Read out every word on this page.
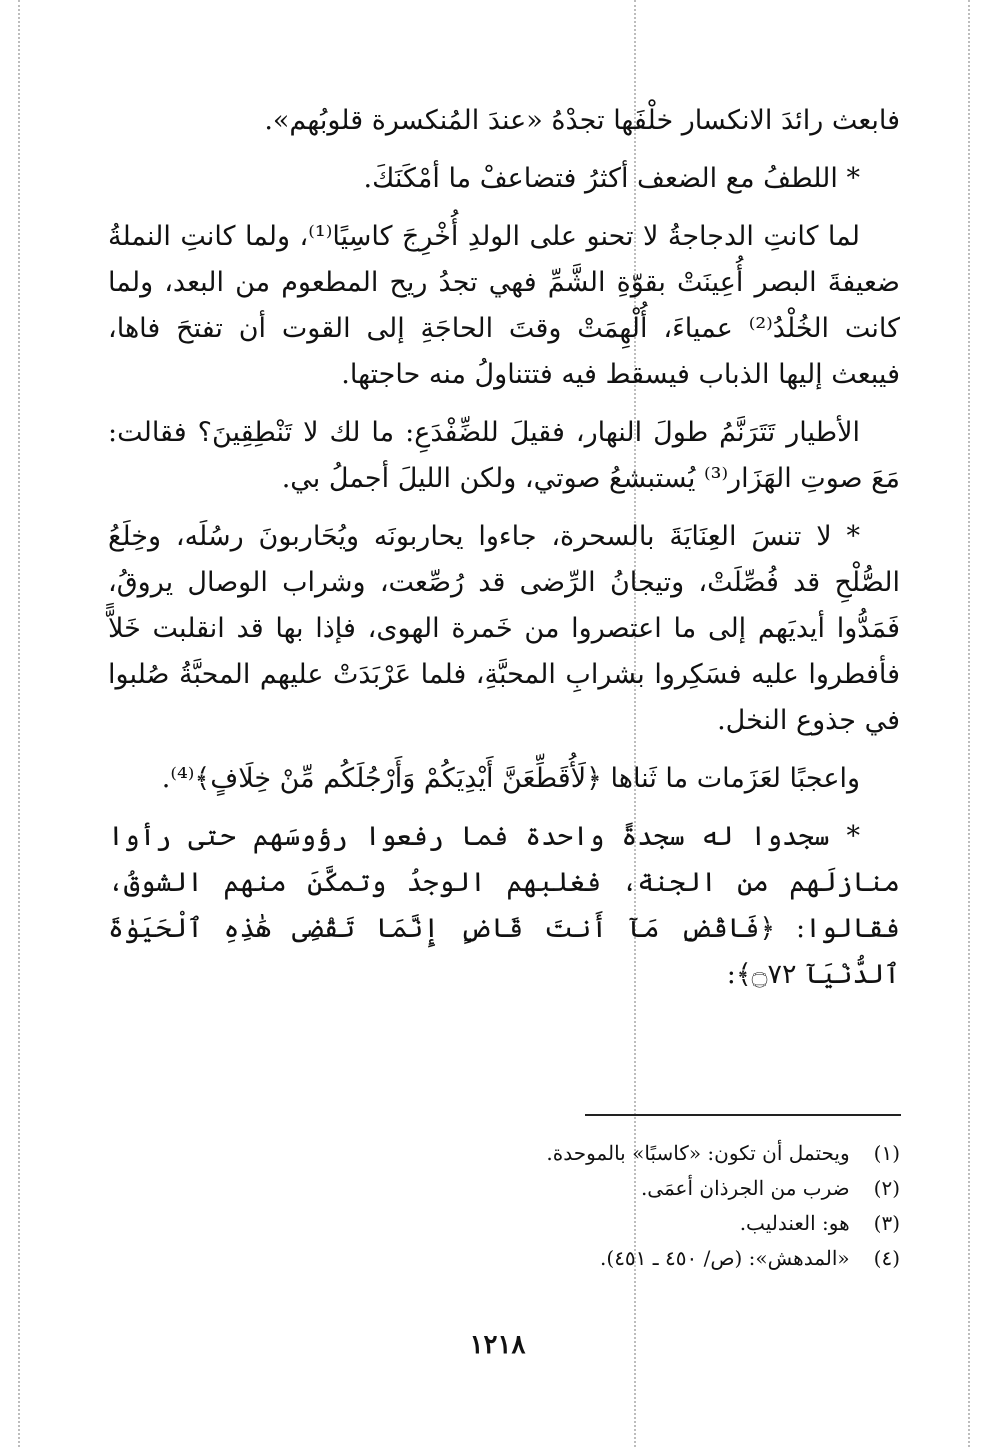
فابعث رائدَ الانكسار خلْفَها تجدْهُ «عندَ المُنكسرة قلوبُهم».

* اللطفُ مع الضعف أكثرُ فتضاعفْ ما أمْكَنَكَ.

لما كانتِ الدجاجةُ لا تحنو على الولدِ أُخْرِجَ كاسِيًا⁽¹⁾، ولما كانتِ النملةُ ضعيفةَ البصر أُعِينَتْ بقوّةِ الشَّمِّ فهي تجدُ ريح المطعوم من البعد، ولما كانت الخُلْدُ⁽²⁾ عمياءَ، أُلْهِمَتْ وقتَ الحاجَةِ إلى القوت أن تفتحَ فاها، فيبعث إليها الذباب فيسقط فيه فتتناولُ منه حاجتها.

الأطيار تَتَرَنَّمُ طولَ النهار، فقيلَ للضِّفْدَعِ: ما لك لا تَنْطِقِينَ؟ فقالت: مَعَ صوتِ الهَزَار⁽³⁾ يُستبشعُ صوتي، ولكن الليلَ أجملُ بي.

* لا تنسَ العِنَايَةَ بالسحرة، جاءوا يحاربونَه ويُحَاربونَ رسُلَه، وخِلَعُ الصُّلْحِ قد فُصِّلَتْ، وتيجانُ الرِّضى قد رُصِّعت، وشراب الوصال يروقُ، فَمَدُّوا أيديَهم إلى ما اعتصروا من خَمرة الهوى، فإذا بها قد انقلبت خَلاًّ فأفطروا عليه فسَكِروا بشرابِ المحبَّةِ، فلما عَرْبَدَتْ عليهم المحبَّةُ صُلبوا في جذوع النخل.

واعجبًا لعَزَمات ما ثَناها ﴿لَأُقَطِّعَنَّ أَيْدِيَكُمْ وَأَرْجُلَكُم مِّنْ خِلَافٍ﴾⁽⁴⁾.

* سجدوا له سجدةً واحدة فما رفعوا رؤوسَهم حتى رأوا منازلَهم من الجنة، فغلبهم الوجدُ وتمكَّنَ منهم الشوقُ، فقالوا: ﴿فَاقْضِ مَآ أَنتَ قَاضٍ إِنَّمَا تَقْضِى هَٰذِهِ ٱلْحَيَوٰةَ ٱلدُّنْيَآ ۝٧٢﴾:

(١) ويحتمل أن تكون: «كاسبًا» بالموحدة.
(٢) ضرب من الجرذان أعمَى.
(٣) هو: العندليب.
(٤) «المدهش»: (ص/ ٤٥٠ ـ ٤٥١).
١٢١٨
